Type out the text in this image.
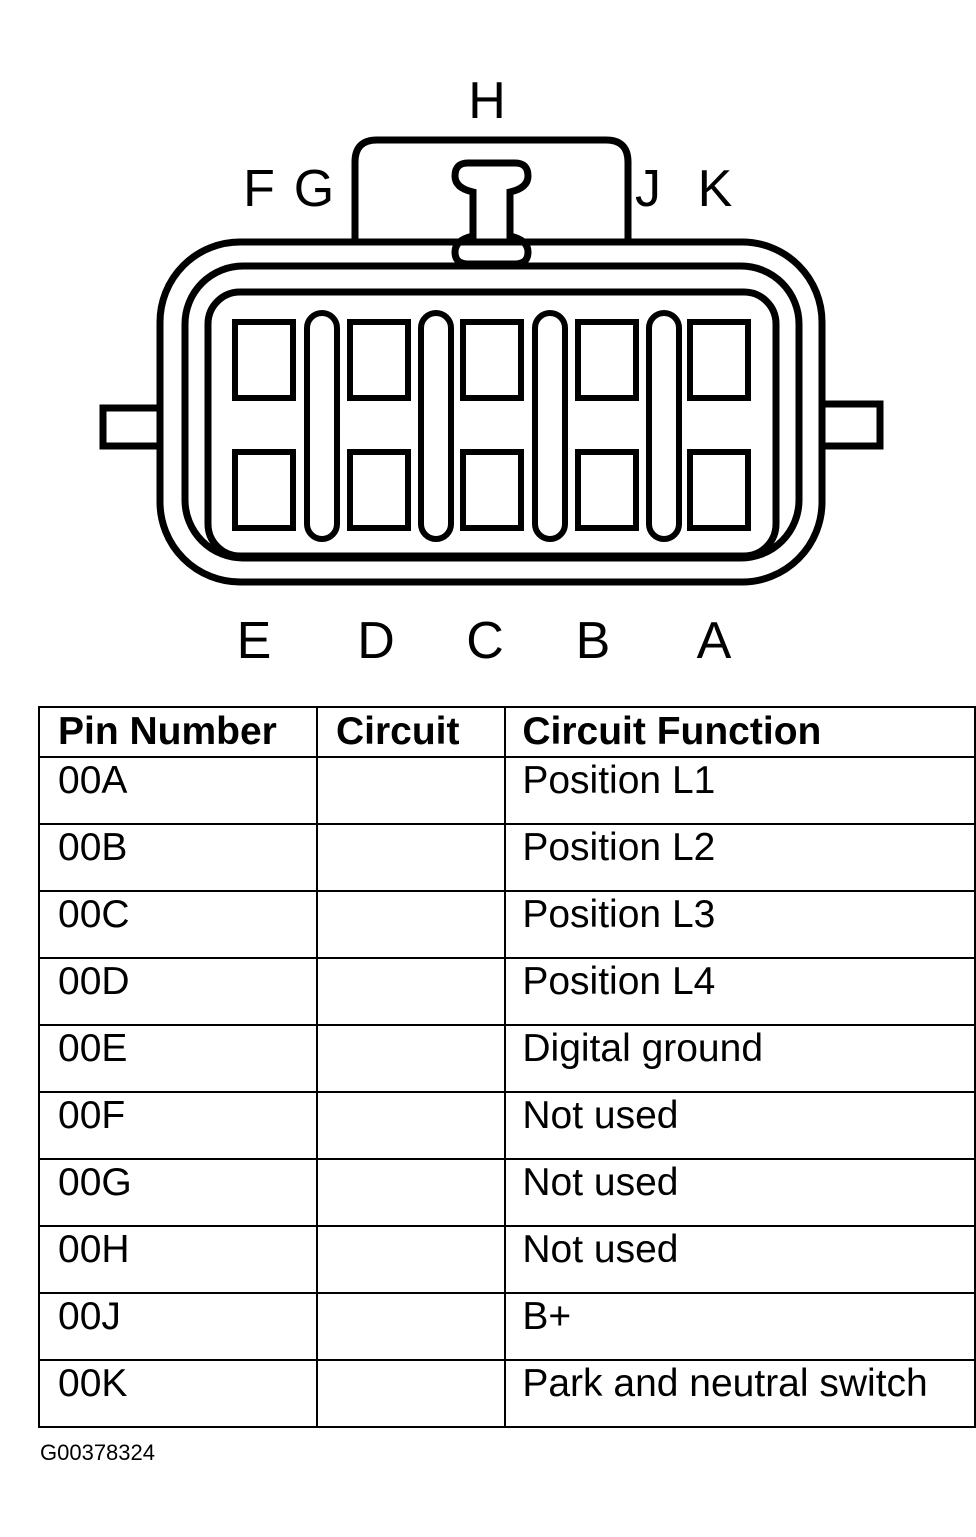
H
F G	J K
E D C B A
Pin Number	Circuit	Circuit Function
00A		Position L1
00B		Position L2
00C		Position L3
00D		Position L4
00E		Digital ground
00F		Not used
00G		Not used
00H		Not used
00J		B+
00K		Park and neutral switch
G00378324
